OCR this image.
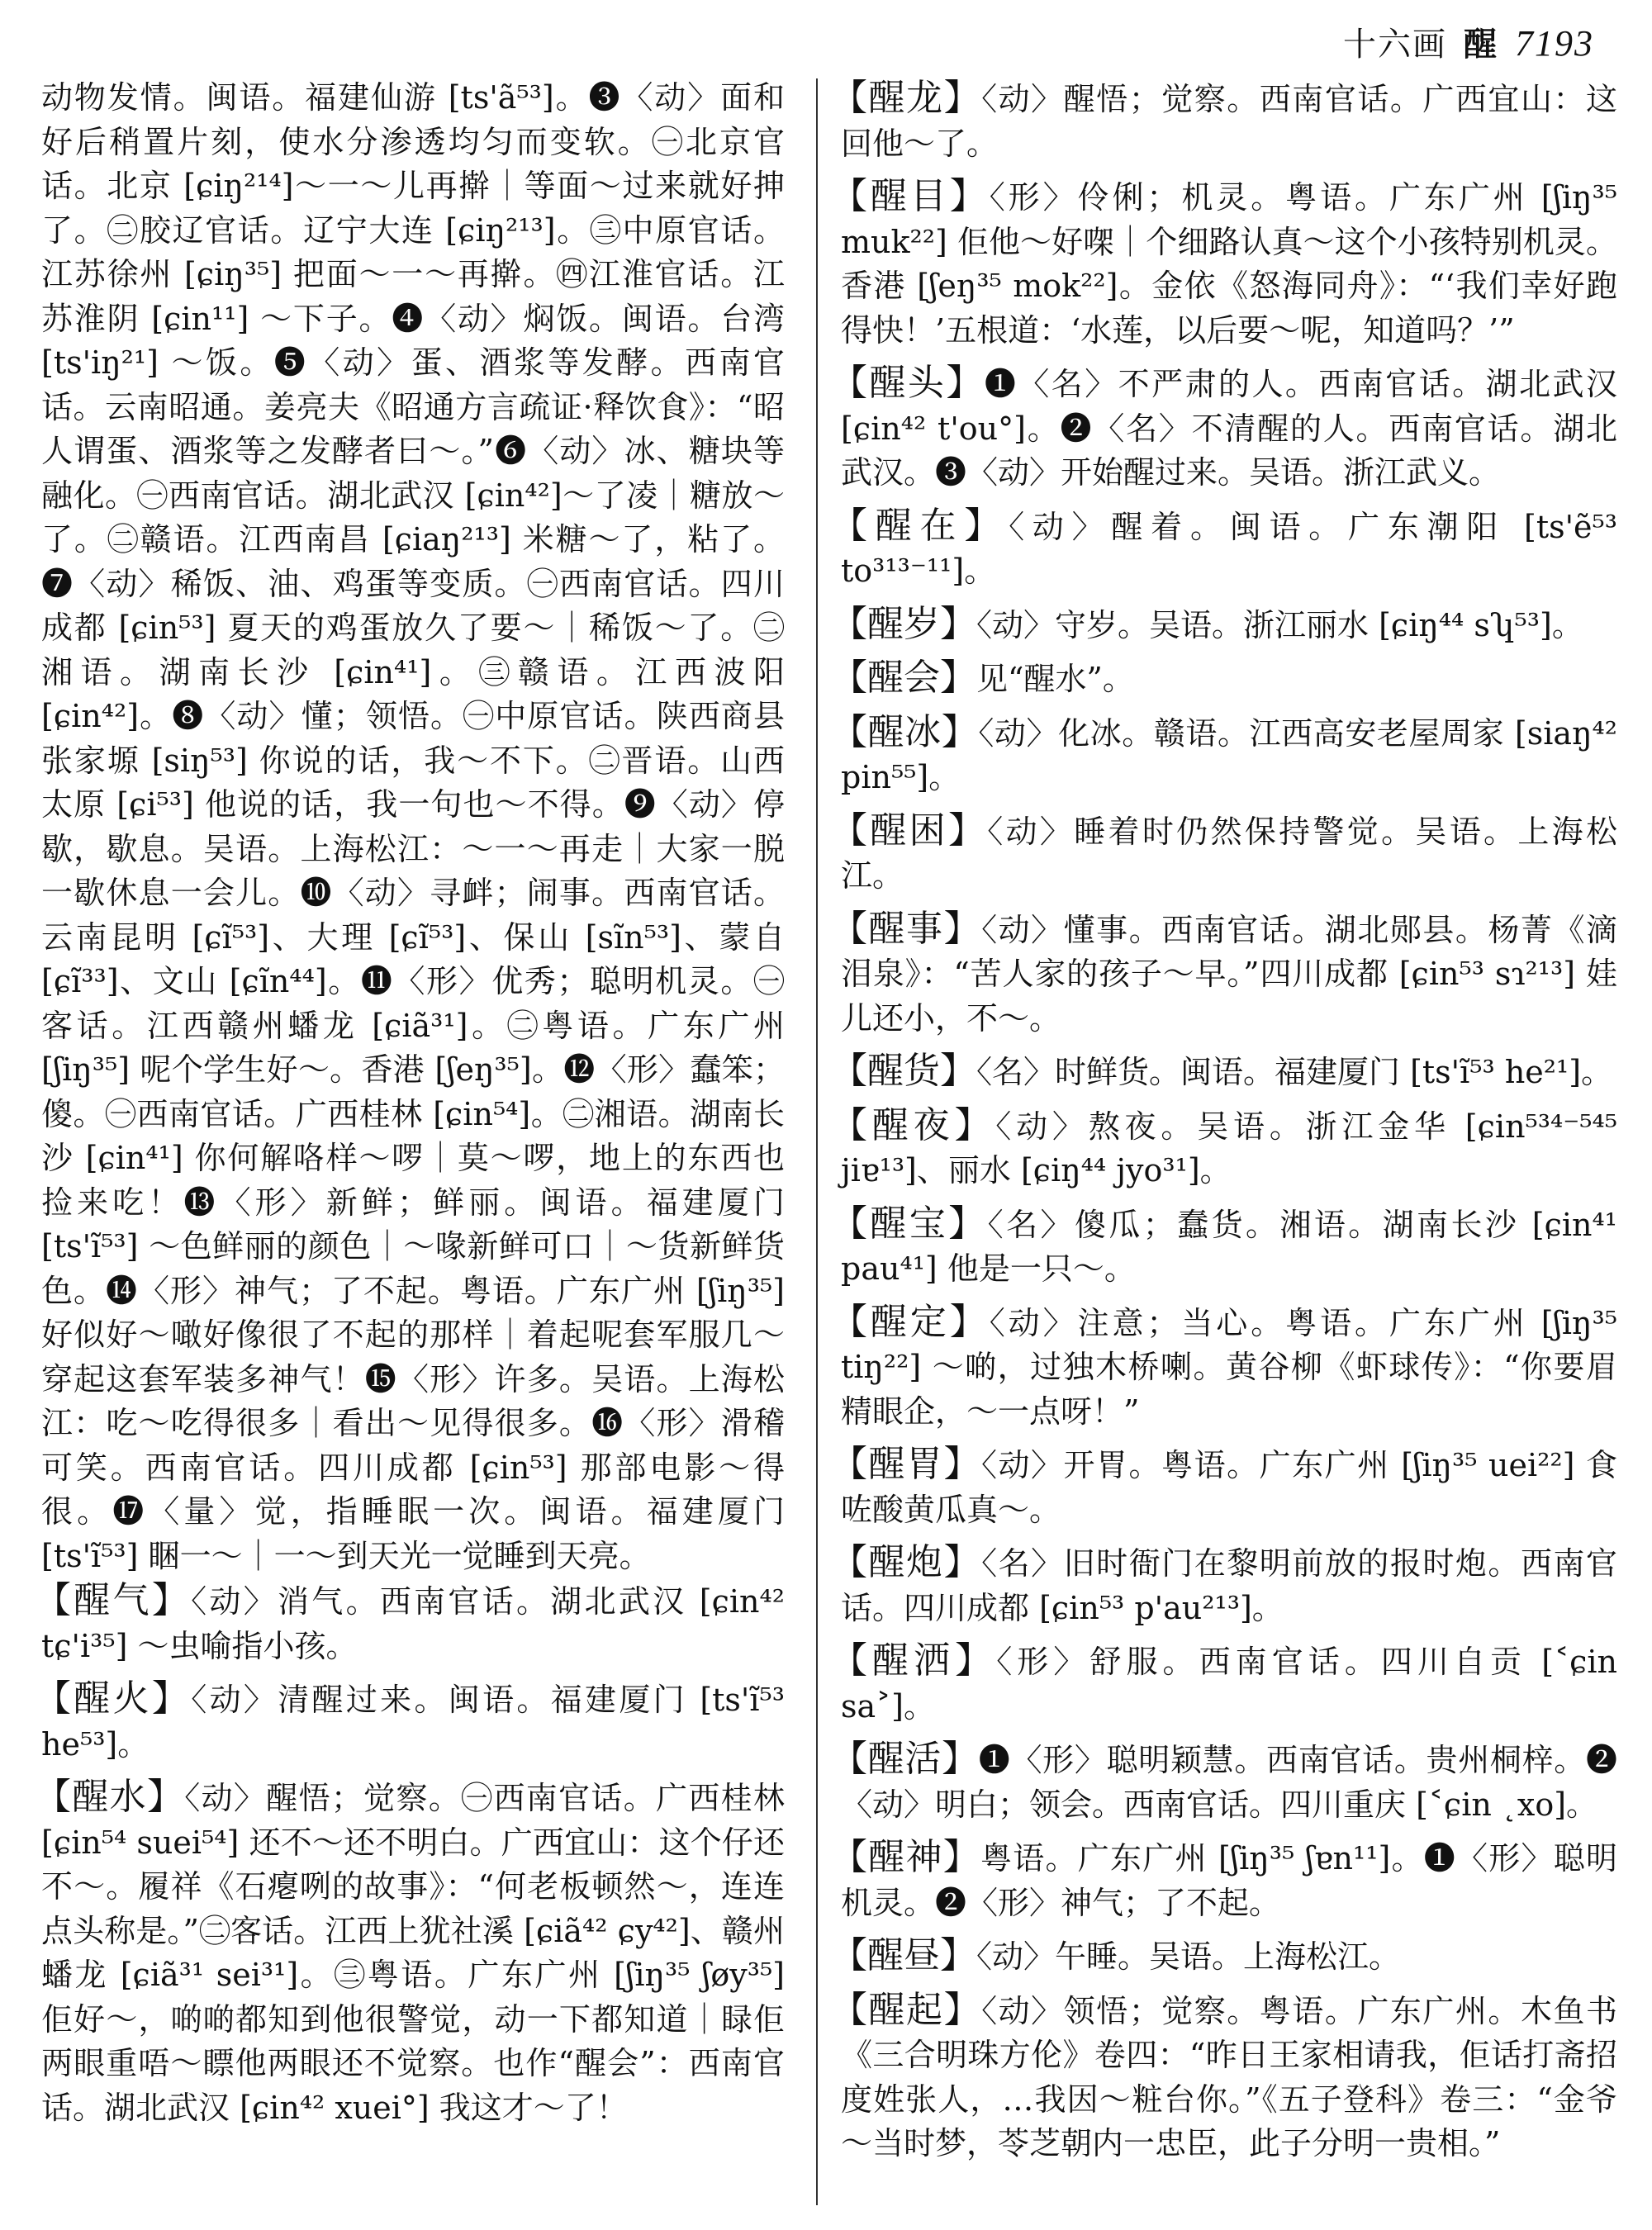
十六画 醒 7193

动物发情。闽语。福建仙游 [ts'ã⁵³]。❸〈动〉面和好后稍置片刻，使水分渗透均匀而变软。㊀北京官话。北京 [ɕiŋ²¹⁴]～一～儿再擀｜等面～过来就好抻了。㊁胶辽官话。辽宁大连 [ɕiŋ²¹³]。㊂中原官话。江苏徐州 [ɕiŋ³⁵] 把面～一～再擀。㊃江淮官话。江苏淮阴 [ɕin¹¹] ～下子。❹〈动〉焖饭。闽语。台湾 [ts'iŋ²¹] ～饭。❺〈动〉蛋、酒浆等发酵。西南官话。云南昭通。姜亮夫《昭通方言疏证·释饮食》：“昭人谓蛋、酒浆等之发酵者曰～。”❻〈动〉冰、糖块等融化。㊀西南官话。湖北武汉 [ɕin⁴²]～了凌｜糖放～了。㊁赣语。江西南昌 [ɕiaŋ²¹³] 米糖～了，粘了。❼〈动〉稀饭、油、鸡蛋等变质。㊀西南官话。四川成都 [ɕin⁵³] 夏天的鸡蛋放久了要～｜稀饭～了。㊁湘语。湖南长沙 [ɕin⁴¹]。㊂赣语。江西波阳 [ɕin⁴²]。❽〈动〉懂；领悟。㊀中原官话。陕西商县张家塬 [siŋ⁵³] 你说的话，我～不下。㊁晋语。山西太原 [ɕi⁵³] 他说的话，我一句也～不得。❾〈动〉停歇，歇息。吴语。上海松江：～一～再走｜大家一脱一歇休息一会儿。❿〈动〉寻衅；闹事。西南官话。云南昆明 [ɕĩ⁵³]、大理 [ɕĩ⁵³]、保山 [sĩn⁵³]、蒙自 [ɕĩ³³]、文山 [ɕĩn⁴⁴]。⓫〈形〉优秀；聪明机灵。㊀客话。江西赣州蟠龙 [ɕiã³¹]。㊁粤语。广东广州 [ʃiŋ³⁵] 呢个学生好～。香港 [ʃeŋ³⁵]。⓬〈形〉蠢笨；傻。㊀西南官话。广西桂林 [ɕin⁵⁴]。㊁湘语。湖南长沙 [ɕin⁴¹] 你何解咯样～啰｜莫～啰，地上的东西也捡来吃！⓭〈形〉新鲜；鲜丽。闽语。福建厦门 [ts'ĩ⁵³] ～色鲜丽的颜色｜～喙新鲜可口｜～货新鲜货色。⓮〈形〉神气；了不起。粤语。广东广州 [ʃiŋ³⁵] 好似好～噉好像很了不起的那样｜着起呢套军服几～穿起这套军装多神气！⓯〈形〉许多。吴语。上海松江：吃～吃得很多｜看出～见得很多。⓰〈形〉滑稽可笑。西南官话。四川成都 [ɕin⁵³] 那部电影～得很。⓱〈量〉觉，指睡眠一次。闽语。福建厦门 [ts'ĩ⁵³] 睏一～｜一～到天光一觉睡到天亮。

【醒气】〈动〉消气。西南官话。湖北武汉 [ɕin⁴² tɕ'i³⁵] ～虫喻指小孩。
【醒火】〈动〉清醒过来。闽语。福建厦门 [ts'ĩ⁵³ he⁵³]。
【醒水】〈动〉醒悟；觉察。㊀西南官话。广西桂林 [ɕin⁵⁴ suei⁵⁴] 还不～还不明白。广西宜山：这个仔还不～。履祥《石瘪咧的故事》：“何老板顿然～，连连点头称是。”㊁客话。江西上犹社溪 [ɕiã⁴² ɕy⁴²]、赣州蟠龙 [ɕiã³¹ sei³¹]。㊂粤语。广东广州 [ʃiŋ³⁵ ʃøy³⁵] 佢好～，啲啲都知到他很警觉，动一下都知道｜睩佢两眼重唔～瞟他两眼还不觉察。也作“醒会”：西南官话。湖北武汉 [ɕin⁴² xuei°] 我这才～了！
【醒龙】〈动〉醒悟；觉察。西南官话。广西宜山：这回他～了。
【醒目】〈形〉伶俐；机灵。粤语。广东广州 [ʃiŋ³⁵ muk²²] 佢他～好㗎｜个细路认真～这个小孩特别机灵。香港 [ʃeŋ³⁵ mok²²]。金依《怒海同舟》：“‘我们幸好跑得快！’五根道：‘水莲，以后要～呢，知道吗？’”
【醒头】❶〈名〉不严肃的人。西南官话。湖北武汉 [ɕin⁴² t'ou°]。❷〈名〉不清醒的人。西南官话。湖北武汉。❸〈动〉开始醒过来。吴语。浙江武义。
【醒在】〈动〉醒着。闽语。广东潮阳 [ts'ẽ⁵³ to³¹³⁻¹¹]。
【醒岁】〈动〉守岁。吴语。浙江丽水 [ɕiŋ⁴⁴ sʮ⁵³]。
【醒会】见“醒水”。
【醒冰】〈动〉化冰。赣语。江西高安老屋周家 [siaŋ⁴² pin⁵⁵]。
【醒困】〈动〉睡着时仍然保持警觉。吴语。上海松江。
【醒事】〈动〉懂事。西南官话。湖北郧县。杨菁《滴泪泉》：“苦人家的孩子～早。”四川成都 [ɕin⁵³ sɿ²¹³] 娃儿还小，不～。
【醒货】〈名〉时鲜货。闽语。福建厦门 [ts'ĩ⁵³ he²¹]。
【醒夜】〈动〉熬夜。吴语。浙江金华 [ɕin⁵³⁴⁻⁵⁴⁵ jiɐ¹³]、丽水 [ɕiŋ⁴⁴ jyo³¹]。
【醒宝】〈名〉傻瓜；蠢货。湘语。湖南长沙 [ɕin⁴¹ pau⁴¹] 他是一只～。
【醒定】〈动〉注意；当心。粤语。广东广州 [ʃiŋ³⁵ tiŋ²²] ～啲，过独木桥喇。黄谷柳《虾球传》：“你要眉精眼企，～一点呀！”
【醒胃】〈动〉开胃。粤语。广东广州 [ʃiŋ³⁵ uei²²] 食咗酸黄瓜真～。
【醒炮】〈名〉旧时衙门在黎明前放的报时炮。西南官话。四川成都 [ɕin⁵³ p'au²¹³]。
【醒洒】〈形〉舒服。西南官话。四川自贡 [˂ɕin sa˃]。
【醒活】❶〈形〉聪明颖慧。西南官话。贵州桐梓。❷〈动〉明白；领会。西南官话。四川重庆 [˂ɕin ˛xo]。
【醒神】粤语。广东广州 [ʃiŋ³⁵ ʃɐn¹¹]。❶〈形〉聪明机灵。❷〈形〉神气；了不起。
【醒昼】〈动〉午睡。吴语。上海松江。
【醒起】〈动〉领悟；觉察。粤语。广东广州。木鱼书《三合明珠方伦》卷四：“昨日王家相请我，佢话打斋招度姓张人，…我因～粧台你。”《五子登科》卷三：“金爷～当时梦，苓芝朝内一忠臣，此子分明一贵相。”
